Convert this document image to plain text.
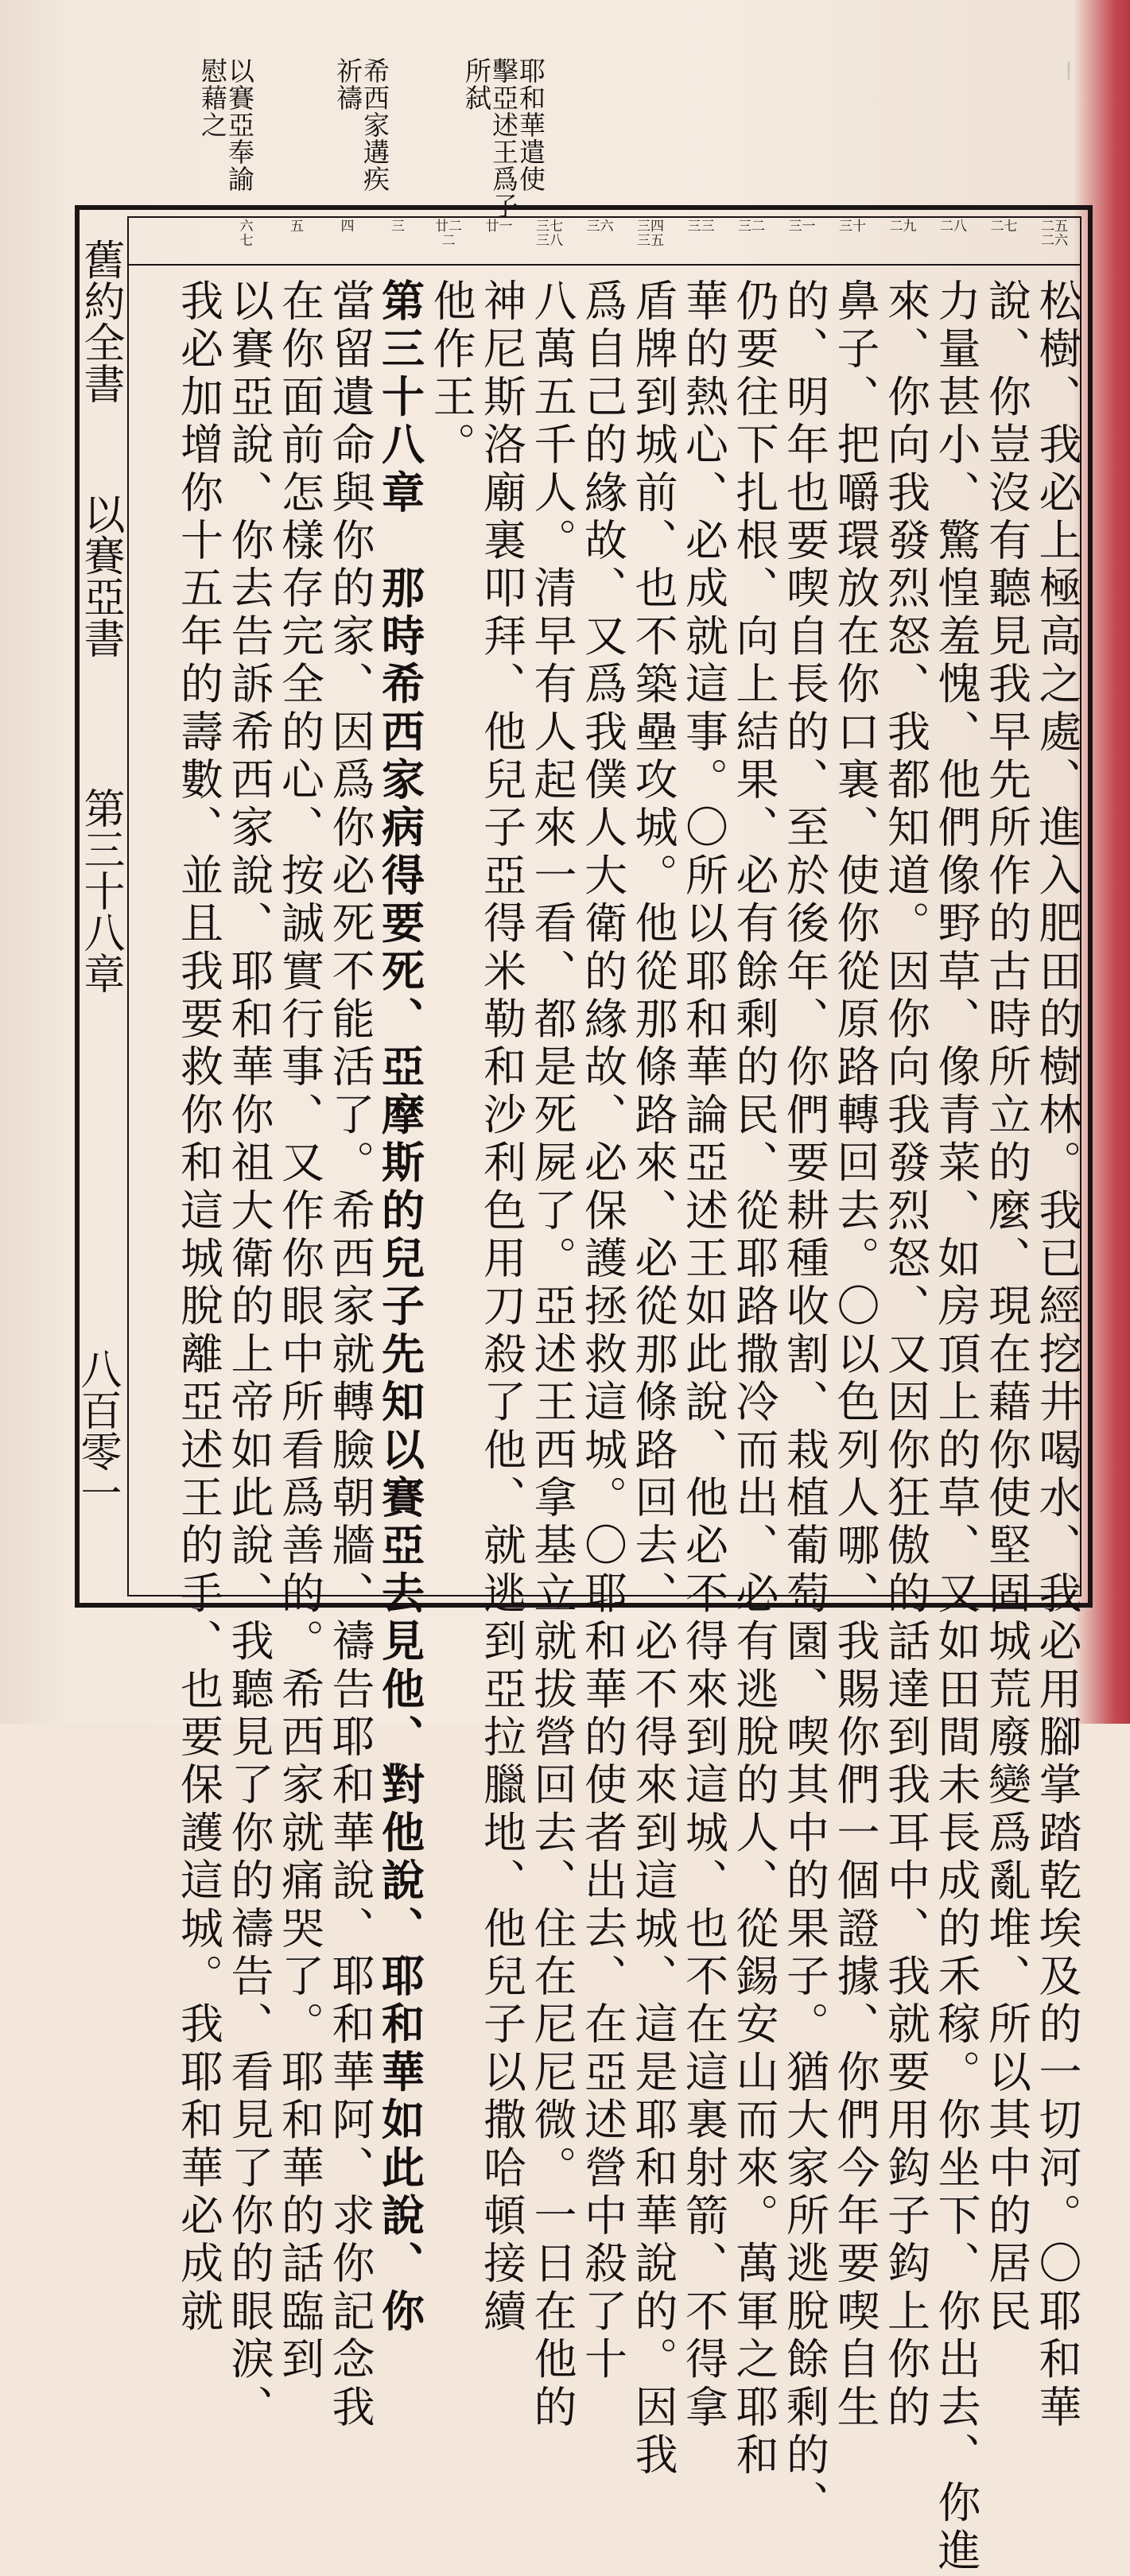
ǀ
耶和華遣使
擊亞述王爲子
所弑
希西家遘疾
祈禱
以賽亞奉諭
慰藉之
二五
二六
二七
二八
二九
三十
三一
三二
三三
三四
三五
三六
三七
三八
廿一
廿二
二
三
四
五
六
七
松樹、我必上極高之處、進入肥田的樹林。我已經挖井喝水、我必用腳掌踏乾埃及的一切河。〇耶和華
說、你豈沒有聽見我早先所作的古時所立的麼、現在藉你使堅固城荒廢變爲亂堆、所以其中的居民
力量甚小、驚惶羞愧、他們像野草、像青菜、如房頂上的草、又如田間未長成的禾稼。你坐下、你出去、你進
來、你向我發烈怒、我都知道。因你向我發烈怒、又因你狂傲的話達到我耳中、我就要用鈎子鈎上你的
鼻子、把嚼環放在你口裏、使你從原路轉回去。〇以色列人哪、我賜你們一個證據、你們今年要喫自生
的、明年也要喫自長的、至於後年、你們要耕種收割、栽植葡萄園、喫其中的果子。猶大家所逃脫餘剩的、
仍要往下扎根、向上結果、必有餘剩的民、從耶路撒冷而出、必有逃脫的人、從錫安山而來。萬軍之耶和
華的熱心、必成就這事。〇所以耶和華論亞述王如此說、他必不得來到這城、也不在這裏射箭、不得拿
盾牌到城前、也不築壘攻城。他從那條路來、必從那條路回去、必不得來到這城、這是耶和華說的。因我
爲自己的緣故、又爲我僕人大衛的緣故、必保護拯救這城。〇耶和華的使者出去、在亞述營中殺了十
八萬五千人。清早有人起來一看、都是死屍了。亞述王西拿基立就拔營回去、住在尼尼微。一日在他的
神尼斯洛廟裏叩拜、他兒子亞得米勒和沙利色用刀殺了他、就逃到亞拉臘地、他兒子以撒哈頓接續
他作王。
第三十八章　那時希西家病得要死、亞摩斯的兒子先知以賽亞去見他、對他說、耶和華如此說、你
當留遺命與你的家、因爲你必死不能活了。希西家就轉臉朝牆、禱告耶和華說、耶和華阿、求你記念我
在你面前怎樣存完全的心、按誠實行事、又作你眼中所看爲善的。希西家就痛哭了。耶和華的話臨到
以賽亞說、你去告訴希西家說、耶和華你祖大衛的上帝如此說、我聽見了你的禱告、看見了你的眼淚、
我必加增你十五年的壽數、並且我要救你和這城脫離亞述王的手、也要保護這城。我耶和華必成就
舊約全書
以賽亞書
第三十八章
八百零一
